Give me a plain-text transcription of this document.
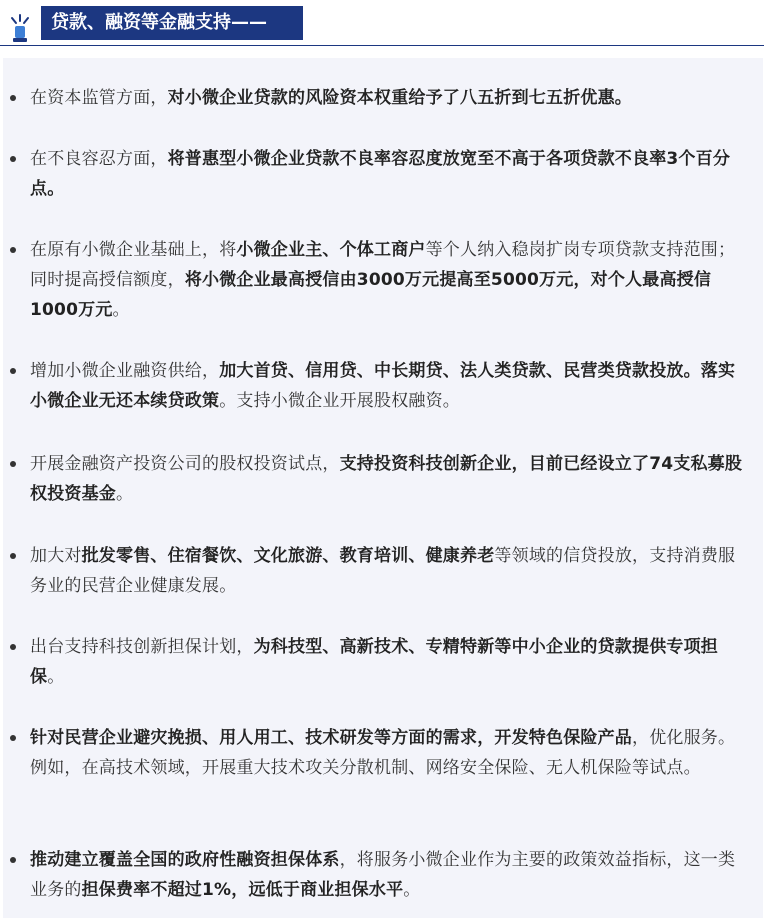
贷款、融资等金融支持——
在资本监管方面，对小微企业贷款的风险资本权重给予了八五折到七五折优惠。
在不良容忍方面，将普惠型小微企业贷款不良率容忍度放宽至不高于各项贷款不良率3个百分点。
在原有小微企业基础上，将小微企业主、个体工商户等个人纳入稳岗扩岗专项贷款支持范围；同时提高授信额度，将小微企业最高授信由3000万元提高至5000万元，对个人最高授信1000万元。
增加小微企业融资供给，加大首贷、信用贷、中长期贷、法人类贷款、民营类贷款投放。落实小微企业无还本续贷政策。支持小微企业开展股权融资。
开展金融资产投资公司的股权投资试点，支持投资科技创新企业，目前已经设立了74支私募股权投资基金。
加大对批发零售、住宿餐饮、文化旅游、教育培训、健康养老等领域的信贷投放，支持消费服务业的民营企业健康发展。
出台支持科技创新担保计划，为科技型、高新技术、专精特新等中小企业的贷款提供专项担保。
针对民营企业避灾挽损、用人用工、技术研发等方面的需求，开发特色保险产品，优化服务。例如，在高技术领域，开展重大技术攻关分散机制、网络安全保险、无人机保险等试点。
推动建立覆盖全国的政府性融资担保体系，将服务小微企业作为主要的政策效益指标，这一类业务的担保费率不超过1%，远低于商业担保水平。
